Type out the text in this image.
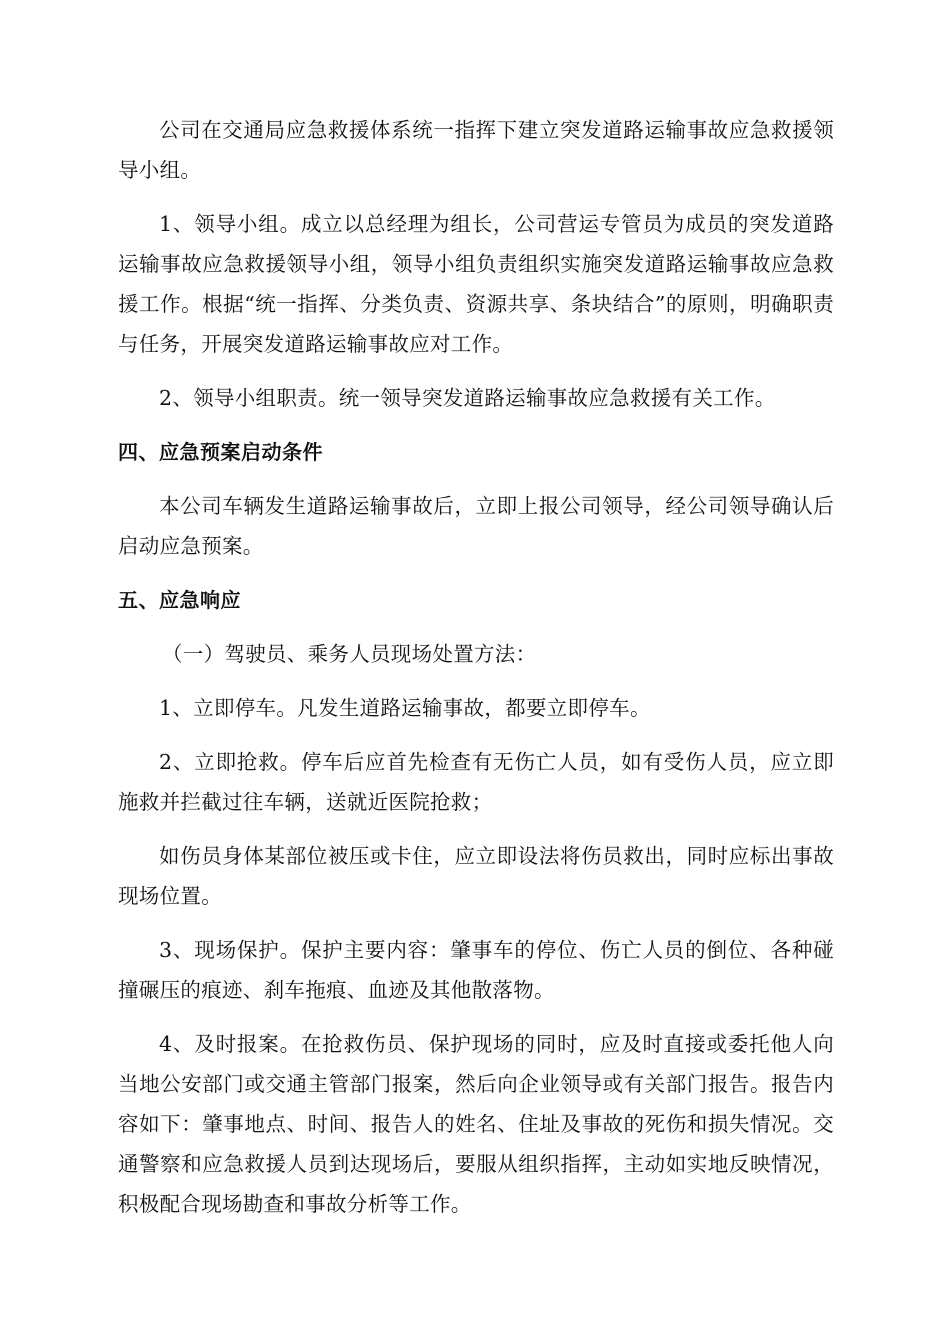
公司在交通局应急救援体系统一指挥下建立突发道路运输事故应急救援领导小组。

1、领导小组。成立以总经理为组长，公司营运专管员为成员的突发道路运输事故应急救援领导小组，领导小组负责组织实施突发道路运输事故应急救援工作。根据“统一指挥、分类负责、资源共享、条块结合”的原则，明确职责与任务，开展突发道路运输事故应对工作。

2、领导小组职责。统一领导突发道路运输事故应急救援有关工作。

四、应急预案启动条件

本公司车辆发生道路运输事故后，立即上报公司领导，经公司领导确认后启动应急预案。

五、应急响应

（一）驾驶员、乘务人员现场处置方法：

1、立即停车。凡发生道路运输事故，都要立即停车。

2、立即抢救。停车后应首先检查有无伤亡人员，如有受伤人员，应立即施救并拦截过往车辆，送就近医院抢救；

如伤员身体某部位被压或卡住，应立即设法将伤员救出，同时应标出事故现场位置。

3、现场保护。保护主要内容：肇事车的停位、伤亡人员的倒位、各种碰撞碾压的痕迹、刹车拖痕、血迹及其他散落物。

4、及时报案。在抢救伤员、保护现场的同时，应及时直接或委托他人向当地公安部门或交通主管部门报案，然后向企业领导或有关部门报告。报告内容如下：肇事地点、时间、报告人的姓名、住址及事故的死伤和损失情况。交通警察和应急救援人员到达现场后，要服从组织指挥，主动如实地反映情况，积极配合现场勘查和事故分析等工作。
